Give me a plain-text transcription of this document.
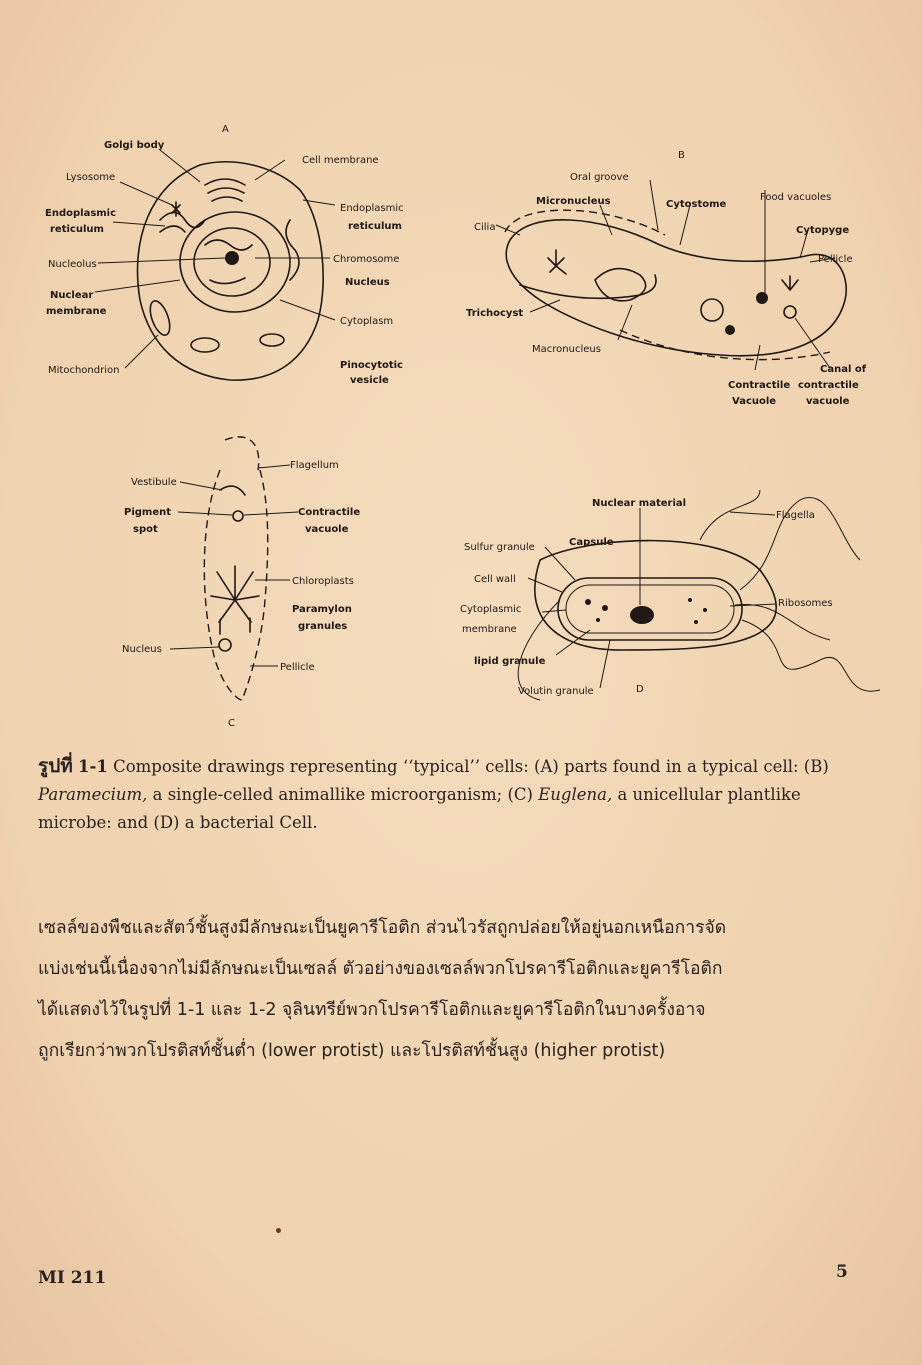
A
Golgi body
Cell membrane
Lysosome
Endoplasmic
reticulum
Endoplasmic
reticulum
Nucleolus	Chromosome
Nucleus
Nuclear
membrane
Cytoplasm
Mitochondrion	Pinocytotic
vesicle
B
Oral groove
Micronucleus	Cytostome
Food vacuoles
Cilia	Cytopyge
Pellicle
Trichocyst
Macronucleus
Canal of
contractile
vacuole
Contractile
Vacuole
C
Flagellum
Vestibule
Pigment
spot
Contractile
vacuole
Chloroplasts
Paramylon
granules
Nucleus
Pellicle
D
Nuclear material
Flagella
Sulfur granule	Capsule
Cell wall
Cytoplasmic
membrane
Ribosomes
lipid granule
Volutin granule
รูปที่ 1-1 Composite drawings representing ‘‘typical’’ cells: (A) parts found in a typical cell: (B) Paramecium, a single-celled animallike microorganism; (C) Euglena, a unicellular plantlike microbe: and (D) a bacterial Cell.
เซลล์ของพืชและสัตว์ชั้นสูงมีลักษณะเป็นยูคารีโอติก ส่วนไวรัสถูกปล่อยให้อยู่นอกเหนือการจัด
แบ่งเช่นนี้เนื่องจากไม่มีลักษณะเป็นเซลล์ ตัวอย่างของเซลล์พวกโปรคารีโอติกและยูคารีโอติก
ได้แสดงไว้ในรูปที่ 1-1 และ 1-2 จุลินทรีย์พวกโปรคารีโอติกและยูคารีโอติกในบางครั้งอาจ
ถูกเรียกว่าพวกโปรติสท์ชั้นต่ำ (lower protist) และโปรติสท์ชั้นสูง (higher protist)
MI 211	5
